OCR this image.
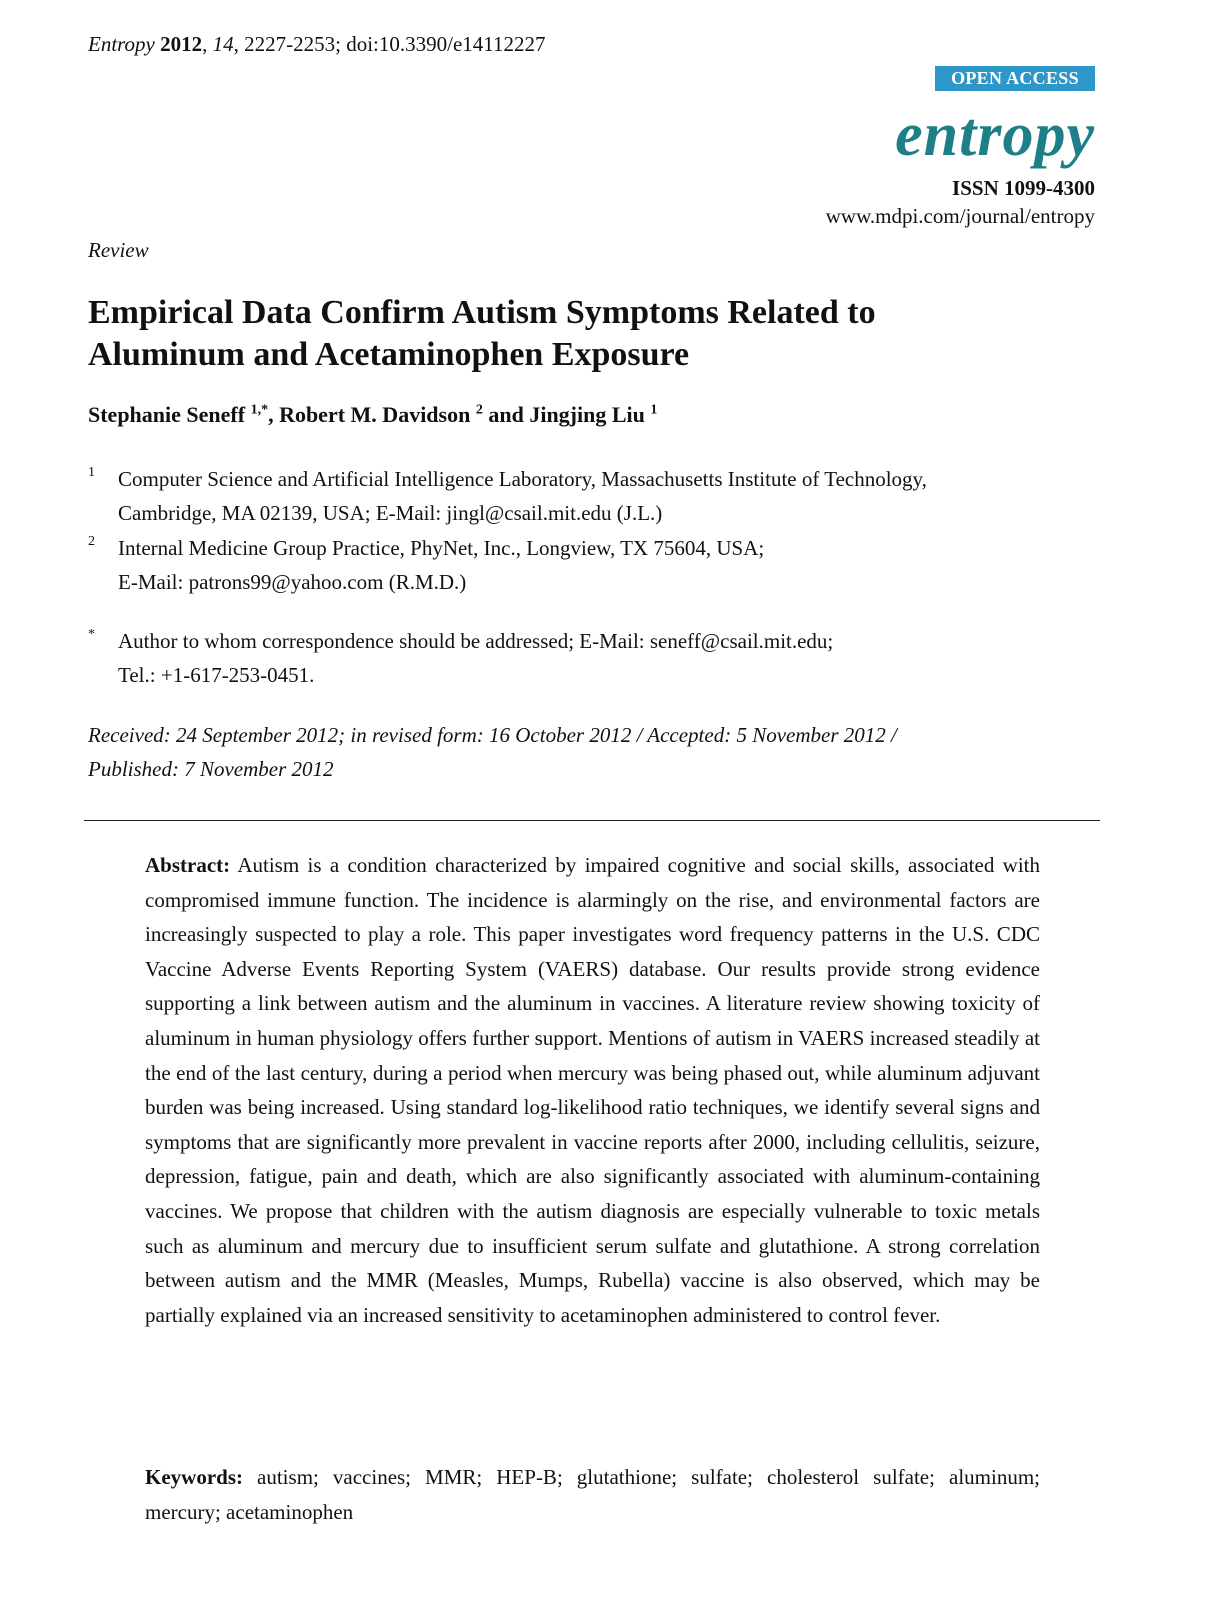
Entropy 2012, 14, 2227-2253; doi:10.3390/e14112227
OPEN ACCESS
entropy
ISSN 1099-4300
www.mdpi.com/journal/entropy
Review
Empirical Data Confirm Autism Symptoms Related to
Aluminum and Acetaminophen Exposure
Stephanie Seneff $^{1,*}$, Robert M. Davidson $^2$ and Jingjing Liu $^1$
1 Computer Science and Artificial Intelligence Laboratory, Massachusetts Institute of Technology,
Cambridge, MA 02139, USA; E-Mail: jingl@csail.mit.edu (J.L.)
2 Internal Medicine Group Practice, PhyNet, Inc., Longview, TX 75604, USA;
E-Mail: patrons99@yahoo.com (R.M.D.)
* Author to whom correspondence should be addressed; E-Mail: seneff@csail.mit.edu;
Tel.: +1-617-253-0451.
Received: 24 September 2012; in revised form: 16 October 2012 / Accepted: 5 November 2012 /
Published: 7 November 2012
Abstract: Autism is a condition characterized by impaired cognitive and social skills, associated with compromised immune function. The incidence is alarmingly on the rise, and environmental factors are increasingly suspected to play a role. This paper investigates word frequency patterns in the U.S. CDC Vaccine Adverse Events Reporting System (VAERS) database. Our results provide strong evidence supporting a link between autism and the aluminum in vaccines. A literature review showing toxicity of aluminum in human physiology offers further support. Mentions of autism in VAERS increased steadily at the end of the last century, during a period when mercury was being phased out, while aluminum adjuvant burden was being increased. Using standard log-likelihood ratio techniques, we identify several signs and symptoms that are significantly more prevalent in vaccine reports after 2000, including cellulitis, seizure, depression, fatigue, pain and death, which are also significantly associated with aluminum-containing vaccines. We propose that children with the autism diagnosis are especially vulnerable to toxic metals such as aluminum and mercury due to insufficient serum sulfate and glutathione. A strong correlation between autism and the MMR (Measles, Mumps, Rubella) vaccine is also observed, which may be partially explained via an increased sensitivity to acetaminophen administered to control fever.
Keywords: autism; vaccines; MMR; HEP-B; glutathione; sulfate; cholesterol sulfate; aluminum; mercury; acetaminophen
